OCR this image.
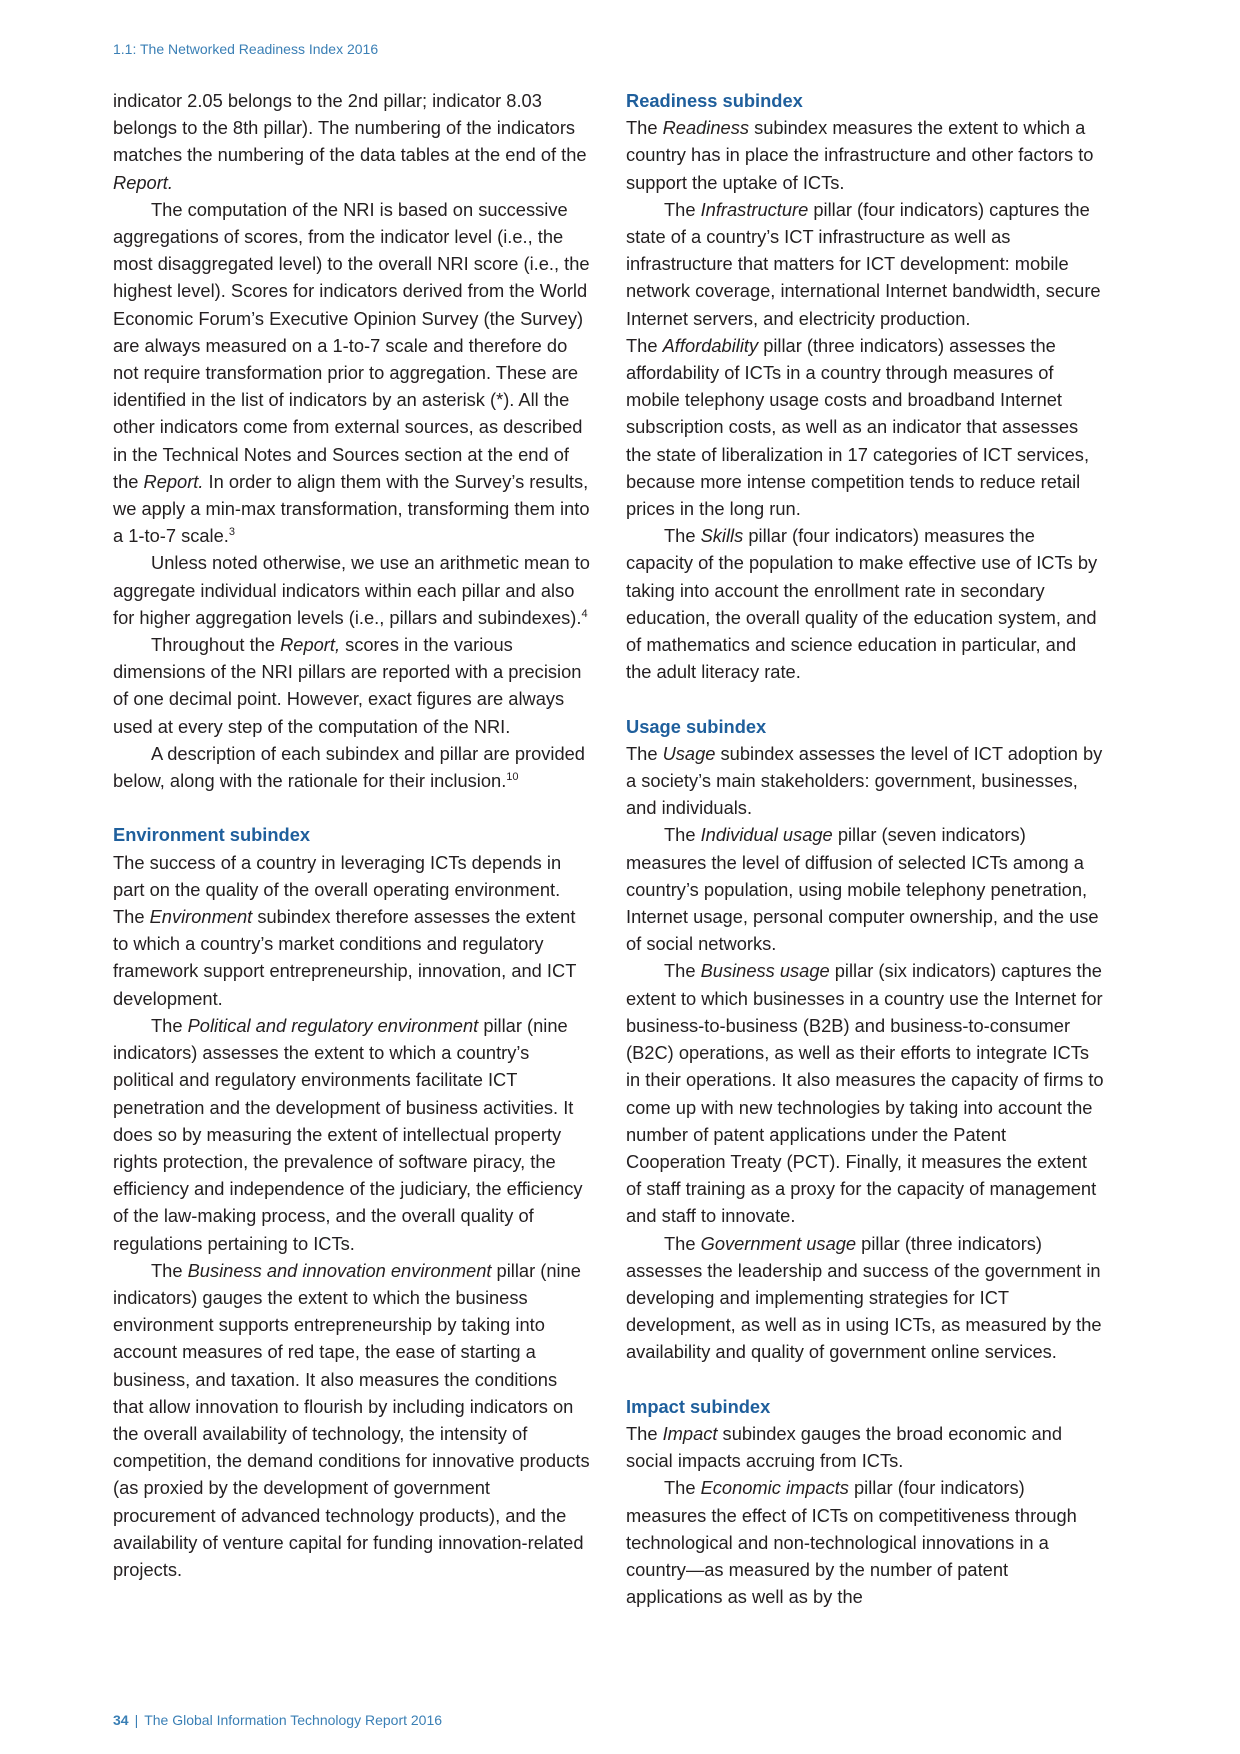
1.1: The Networked Readiness Index 2016

indicator 2.05 belongs to the 2nd pillar; indicator 8.03 belongs to the 8th pillar). The numbering of the indicators matches the numbering of the data tables at the end of the Report.

The computation of the NRI is based on successive aggregations of scores, from the indicator level (i.e., the most disaggregated level) to the overall NRI score (i.e., the highest level). Scores for indicators derived from the World Economic Forum’s Executive Opinion Survey (the Survey) are always measured on a 1-to-7 scale and therefore do not require transformation prior to aggregation. These are identified in the list of indicators by an asterisk (*). All the other indicators come from external sources, as described in the Technical Notes and Sources section at the end of the Report. In order to align them with the Survey’s results, we apply a min-max transformation, transforming them into a 1-to-7 scale.$^3$

Unless noted otherwise, we use an arithmetic mean to aggregate individual indicators within each pillar and also for higher aggregation levels (i.e., pillars and subindexes).$^4$

Throughout the Report, scores in the various dimensions of the NRI pillars are reported with a precision of one decimal point. However, exact figures are always used at every step of the computation of the NRI.

A description of each subindex and pillar are provided below, along with the rationale for their inclusion.$^{10}$

Environment subindex

The success of a country in leveraging ICTs depends in part on the quality of the overall operating environment. The Environment subindex therefore assesses the extent to which a country’s market conditions and regulatory framework support entrepreneurship, innovation, and ICT development.

The Political and regulatory environment pillar (nine indicators) assesses the extent to which a country’s political and regulatory environments facilitate ICT penetration and the development of business activities. It does so by measuring the extent of intellectual property rights protection, the prevalence of software piracy, the efficiency and independence of the judiciary, the efficiency of the law-making process, and the overall quality of regulations pertaining to ICTs.

The Business and innovation environment pillar (nine indicators) gauges the extent to which the business environment supports entrepreneurship by taking into account measures of red tape, the ease of starting a business, and taxation. It also measures the conditions that allow innovation to flourish by including indicators on the overall availability of technology, the intensity of competition, the demand conditions for innovative products (as proxied by the development of government procurement of advanced technology products), and the availability of venture capital for funding innovation-related projects.

Readiness subindex

The Readiness subindex measures the extent to which a country has in place the infrastructure and other factors to support the uptake of ICTs.

The Infrastructure pillar (four indicators) captures the state of a country’s ICT infrastructure as well as infrastructure that matters for ICT development: mobile network coverage, international Internet bandwidth, secure Internet servers, and electricity production.

The Affordability pillar (three indicators) assesses the affordability of ICTs in a country through measures of mobile telephony usage costs and broadband Internet subscription costs, as well as an indicator that assesses the state of liberalization in 17 categories of ICT services, because more intense competition tends to reduce retail prices in the long run.

The Skills pillar (four indicators) measures the capacity of the population to make effective use of ICTs by taking into account the enrollment rate in secondary education, the overall quality of the education system, and of mathematics and science education in particular, and the adult literacy rate.

Usage subindex

The Usage subindex assesses the level of ICT adoption by a society’s main stakeholders: government, businesses, and individuals.

The Individual usage pillar (seven indicators) measures the level of diffusion of selected ICTs among a country’s population, using mobile telephony penetration, Internet usage, personal computer ownership, and the use of social networks.

The Business usage pillar (six indicators) captures the extent to which businesses in a country use the Internet for business-to-business (B2B) and business-to-consumer (B2C) operations, as well as their efforts to integrate ICTs in their operations. It also measures the capacity of firms to come up with new technologies by taking into account the number of patent applications under the Patent Cooperation Treaty (PCT). Finally, it measures the extent of staff training as a proxy for the capacity of management and staff to innovate.

The Government usage pillar (three indicators) assesses the leadership and success of the government in developing and implementing strategies for ICT development, as well as in using ICTs, as measured by the availability and quality of government online services.

Impact subindex

The Impact subindex gauges the broad economic and social impacts accruing from ICTs.

The Economic impacts pillar (four indicators) measures the effect of ICTs on competitiveness through technological and non-technological innovations in a country—as measured by the number of patent applications as well as by the

34 | The Global Information Technology Report 2016
